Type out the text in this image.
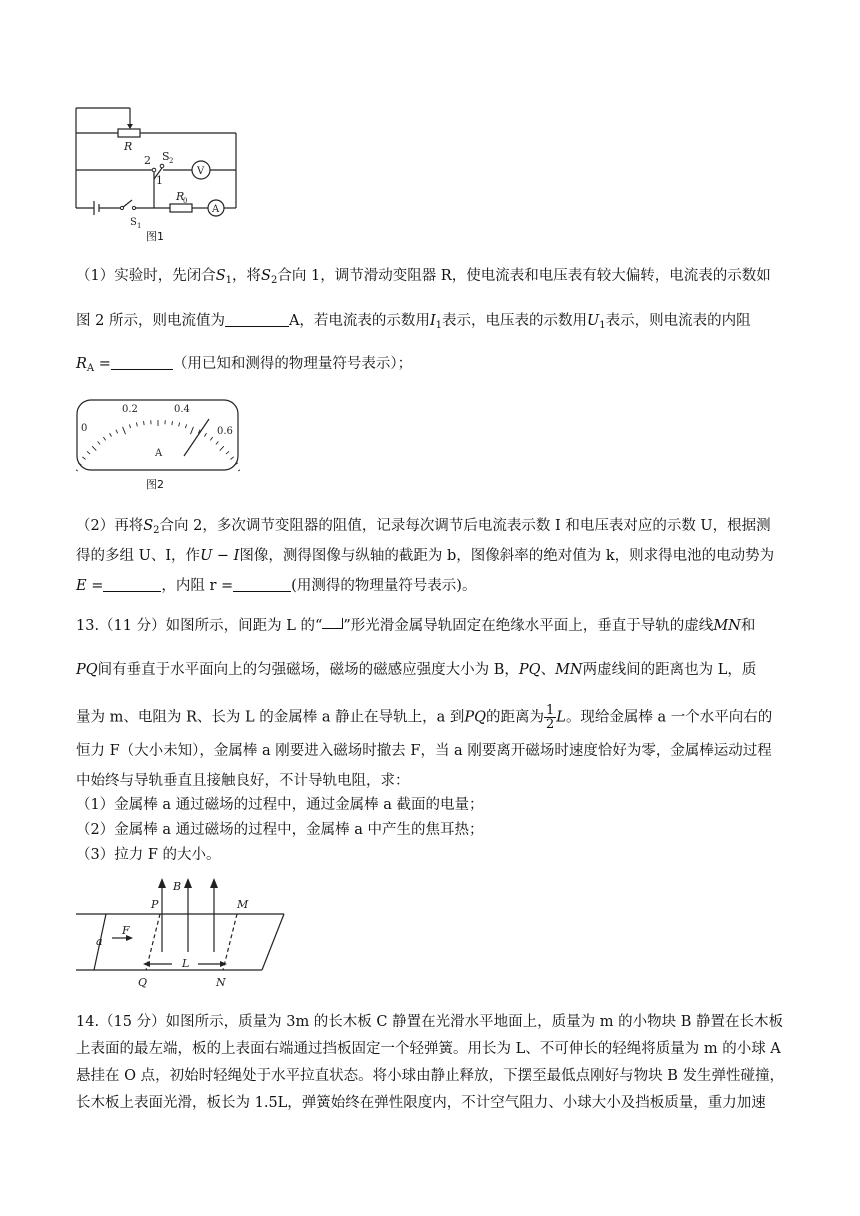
R
2 S 2
1
V
R
0
A
S 1
图1
（1）实验时，先闭合$S_1$，将$S_2$合向 1，调节滑动变阻器 R，使电流表和电压表有较大偏转，电流表的示数如
图 2 所示，则电流值为	A，若电流表的示数用$I_1$表示，电压表的示数用$U_1$表示，则电流表的内阻
$R_A$ =	（用已知和测得的物理量符号表示）；
0
0.2	0.4
0.6
A
图2
（2）再将$S_2$合向 2，多次调节变阻器的阻值，记录每次调节后电流表示数 I 和电压表对应的示数 U，根据测
得的多组 U、I，作U − I图像，测得图像与纵轴的截距为 b，图像斜率的绝对值为 k，则求得电池的电动势为
E =	，内阻 r =	(用测得的物理量符号表示)。
13.（11 分）如图所示，间距为 L 的“ ”形光滑金属导轨固定在绝缘水平面上，垂直于导轨的虚线MN和
PQ间有垂直于水平面向上的匀强磁场，磁场的磁感应强度大小为 B，PQ、MN两虚线间的距离也为 L，质
量为 m、电阻为 R、长为 L 的金属棒 a 静止在导轨上，a 到PQ的距离为 $\frac{1}{2}$ L。现给金属棒 a 一个水平向右的
恒力 F（大小未知），金属棒 a 刚要进入磁场时撤去 F，当 a 刚要离开磁场时速度恰好为零，金属棒运动过程
中始终与导轨垂直且接触良好，不计导轨电阻，求：
（1）金属棒 a 通过磁场的过程中，通过金属棒 a 截面的电量；
（2）金属棒 a 通过磁场的过程中，金属棒 a 中产生的焦耳热；
（3）拉力 F 的大小。
P
B
M
a
F
L
Q	N
14.（15 分）如图所示，质量为 3m 的长木板 C 静置在光滑水平地面上，质量为 m 的小物块 B 静置在长木板
上表面的最左端，板的上表面右端通过挡板固定一个轻弹簧。用长为 L、不可伸长的轻绳将质量为 m 的小球 A
悬挂在 O 点，初始时轻绳处于水平拉直状态。将小球由静止释放，下摆至最低点刚好与物块 B 发生弹性碰撞，
长木板上表面光滑，板长为 1.5L，弹簧始终在弹性限度内，不计空气阻力、小球大小及挡板质量，重力加速
